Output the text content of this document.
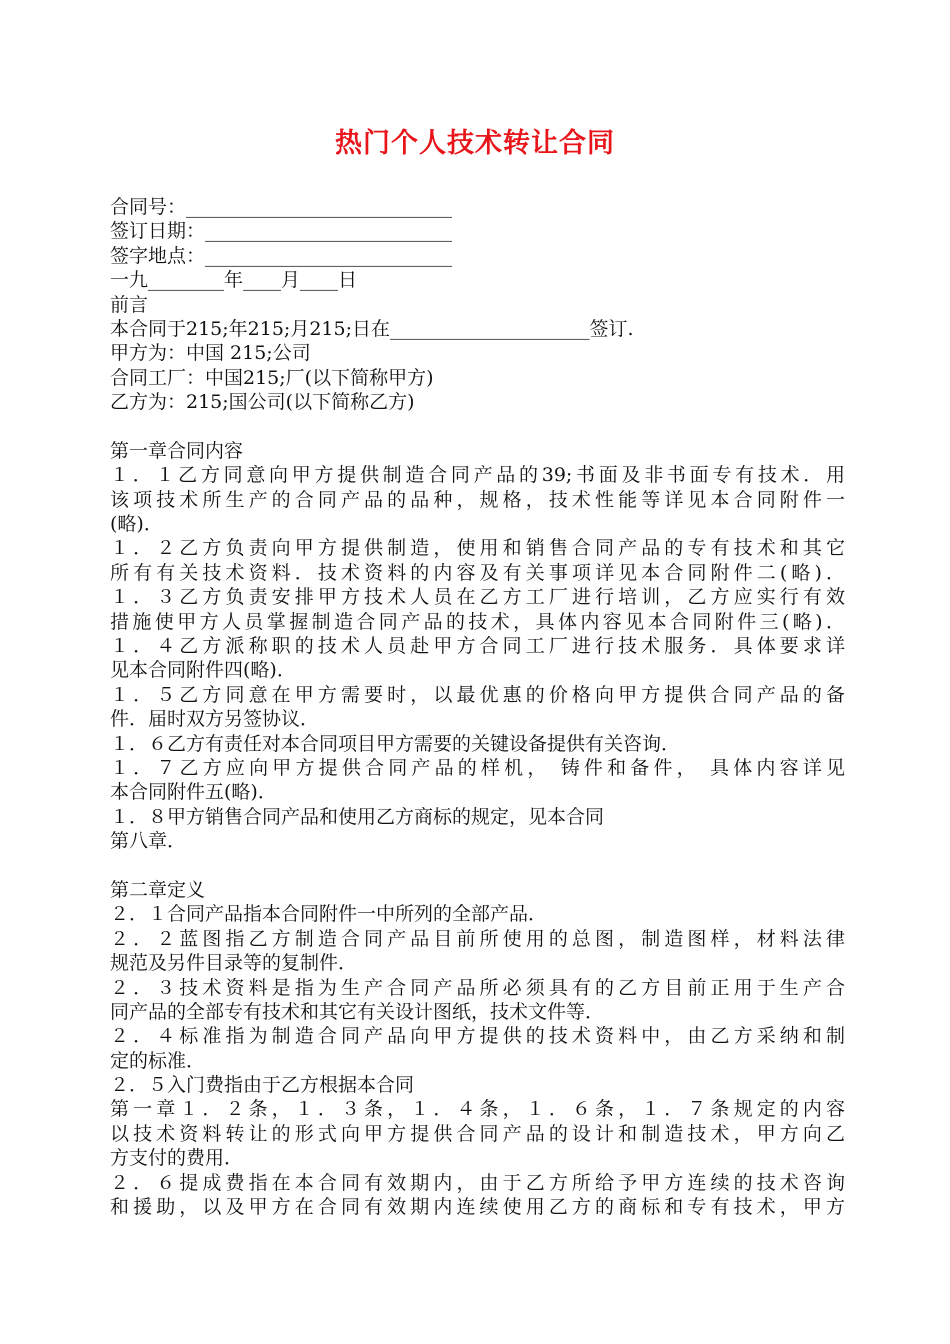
热门个人技术转让合同
合同号：____________________________
签订日期：__________________________
签字地点：__________________________
一九________年____月____日
前言
本合同于215;年215;月215;日在_____________________签订.
甲方为：中国 215;公司
合同工厂：中国215;厂(以下简称甲方)
乙方为：215;国公司(以下简称乙方)
第一章合同内容
１．１乙方同意向甲方提供制造合同产品的39;书面及非书面专有技术．用
该项技术所生产的合同产品的品种，规格，技术性能等详见本合同附件一
(略)．
１．２乙方负责向甲方提供制造，使用和销售合同产品的专有技术和其它
所有有关技术资料．技术资料的内容及有关事项详见本合同附件二(略)．
１．３乙方负责安排甲方技术人员在乙方工厂进行培训，乙方应实行有效
措施使甲方人员掌握制造合同产品的技术，具体内容见本合同附件三(略)．
１．４乙方派称职的技术人员赴甲方合同工厂进行技术服务．具体要求详
见本合同附件四(略)．
１．５乙方同意在甲方需要时，以最优惠的价格向甲方提供合同产品的备
件．届时双方另签协议．
１．６乙方有责任对本合同项目甲方需要的关键设备提供有关咨询．
１．７乙方应向甲方提供合同产品的样机， 铸件和备件， 具体内容详见
本合同附件五(略)．
１．８甲方销售合同产品和使用乙方商标的规定，见本合同
第八章．
第二章定义
２．１合同产品指本合同附件一中所列的全部产品．
２．２蓝图指乙方制造合同产品目前所使用的总图，制造图样，材料法律
规范及另件目录等的复制件．
２．３技术资料是指为生产合同产品所必须具有的乙方目前正用于生产合
同产品的全部专有技术和其它有关设计图纸，技术文件等．
２．４标准指为制造合同产品向甲方提供的技术资料中，由乙方采纳和制
定的标准．
２．５入门费指由于乙方根据本合同
第一章１．２条，１．３条，１．４条，１．６条，１．７条规定的内容
以技术资料转让的形式向甲方提供合同产品的设计和制造技术，甲方向乙
方支付的费用．
２．６提成费指在本合同有效期内，由于乙方所给予甲方连续的技术咨询
和援助，以及甲方在合同有效期内连续使用乙方的商标和专有技术，甲方
